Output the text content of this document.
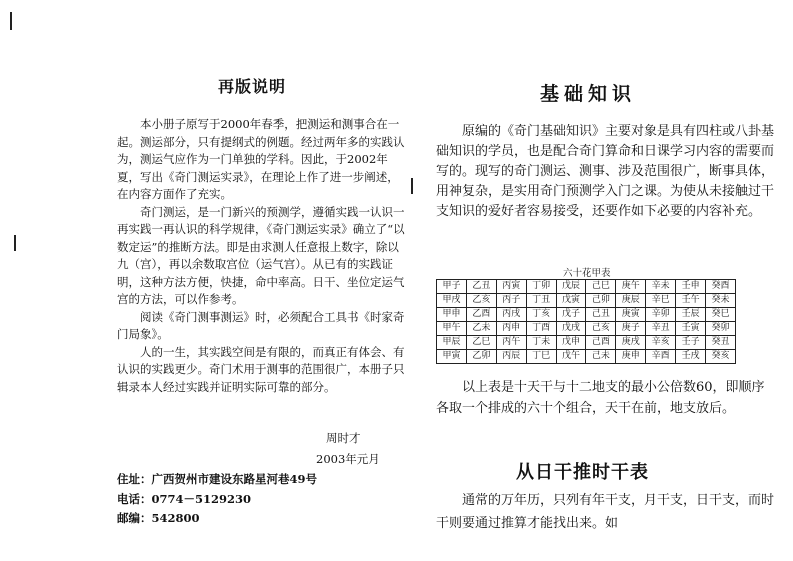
再版说明

本小册子原写于2000年春季，把测运和测事合在一起。测运部分，只有提纲式的例题。经过两年多的实践认为，测运气应作为一门单独的学科。因此，于2002年夏，写出《奇门测运实录》，在理论上作了进一步阐述，在内容方面作了充实。

奇门测运，是一门新兴的预测学，遵循实践一认识一再实践一再认识的科学规律，《奇门测运实录》确立了“以数定运”的推断方法。即是由求测人任意报上数字，除以九（宫），再以余数取宫位（运气宫）。从已有的实践证明，这种方法方便，快捷，命中率高。日干、坐位定运气宫的方法，可以作参考。

阅读《奇门测事测运》时，必须配合工具书《时家奇门局象》。

人的一生，其实践空间是有限的，而真正有体会、有认识的实践更少。奇门术用于测事的范围很广，本册子只辑录本人经过实践并证明实际可靠的部分。

周时才
2003年元月
住址：广西贺州市建设东路星河巷49号
电话：0774－5129230
邮编：542800
基础知识

原编的《奇门基础知识》主要对象是具有四柱或八卦基础知识的学员，也是配合奇门算命和日课学习内容的需要而写的。现写的奇门测运、测事、涉及范围很广，断事具体，用神复杂，是实用奇门预测学入门之课。为使从未接触过干支知识的爱好者容易接受，还要作如下必要的内容补充。

六十花甲表
甲子	乙丑	丙寅	丁卯	戊辰	己巳	庚午	辛未	壬申	癸酉
甲戌	乙亥	丙子	丁丑	戊寅	己卯	庚辰	辛巳	壬午	癸未
甲申	乙酉	丙戌	丁亥	戊子	己丑	庚寅	辛卯	壬辰	癸巳
甲午	乙未	丙申	丁酉	戊戌	己亥	庚子	辛丑	壬寅	癸卯
甲辰	乙巳	丙午	丁未	戊申	己酉	庚戌	辛亥	壬子	癸丑
甲寅	乙卯	丙辰	丁巳	戊午	己未	庚申	辛酉	壬戌	癸亥

以上表是十天干与十二地支的最小公倍数60，即顺序各取一个排成的六十个组合，天干在前，地支放后。

从日干推时干表

通常的万年历，只列有年干支，月干支，日干支，而时干则要通过推算才能找出来。如
